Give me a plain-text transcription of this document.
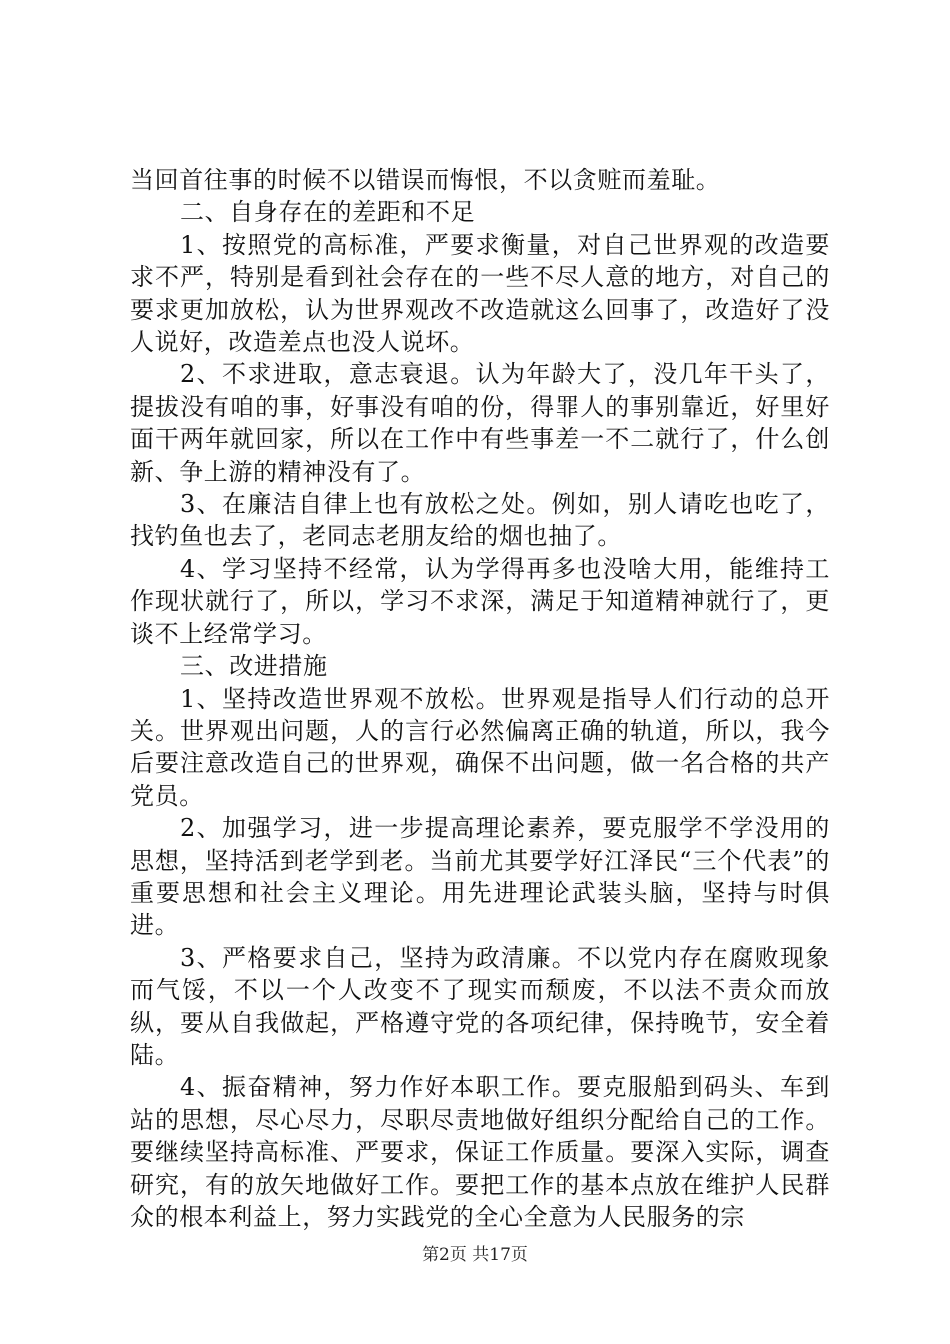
当回首往事的时候不以错误而悔恨，不以贪赃而羞耻。

二、自身存在的差距和不足

1、按照党的高标准，严要求衡量，对自己世界观的改造要求不严，特别是看到社会存在的一些不尽人意的地方，对自己的要求更加放松，认为世界观改不改造就这么回事了，改造好了没人说好，改造差点也没人说坏。

2、不求进取，意志衰退。认为年龄大了，没几年干头了，提拔没有咱的事，好事没有咱的份，得罪人的事别靠近，好里好面干两年就回家，所以在工作中有些事差一不二就行了，什么创新、争上游的精神没有了。

3、在廉洁自律上也有放松之处。例如，别人请吃也吃了，找钓鱼也去了，老同志老朋友给的烟也抽了。

4、学习坚持不经常，认为学得再多也没啥大用，能维持工作现状就行了，所以，学习不求深，满足于知道精神就行了，更谈不上经常学习。

三、改进措施

1、坚持改造世界观不放松。世界观是指导人们行动的总开关。世界观出问题，人的言行必然偏离正确的轨道，所以，我今后要注意改造自己的世界观，确保不出问题，做一名合格的共产党员。

2、加强学习，进一步提高理论素养，要克服学不学没用的思想，坚持活到老学到老。当前尤其要学好江泽民“三个代表”的重要思想和社会主义理论。用先进理论武装头脑，坚持与时俱进。

3、严格要求自己，坚持为政清廉。不以党内存在腐败现象而气馁，不以一个人改变不了现实而颓废，不以法不责众而放纵，要从自我做起，严格遵守党的各项纪律，保持晚节，安全着陆。

4、振奋精神，努力作好本职工作。要克服船到码头、车到站的思想，尽心尽力，尽职尽责地做好组织分配给自己的工作。要继续坚持高标准、严要求，保证工作质量。要深入实际，调查研究，有的放矢地做好工作。要把工作的基本点放在维护人民群众的根本利益上，努力实践党的全心全意为人民服务的宗

第2页 共17页
